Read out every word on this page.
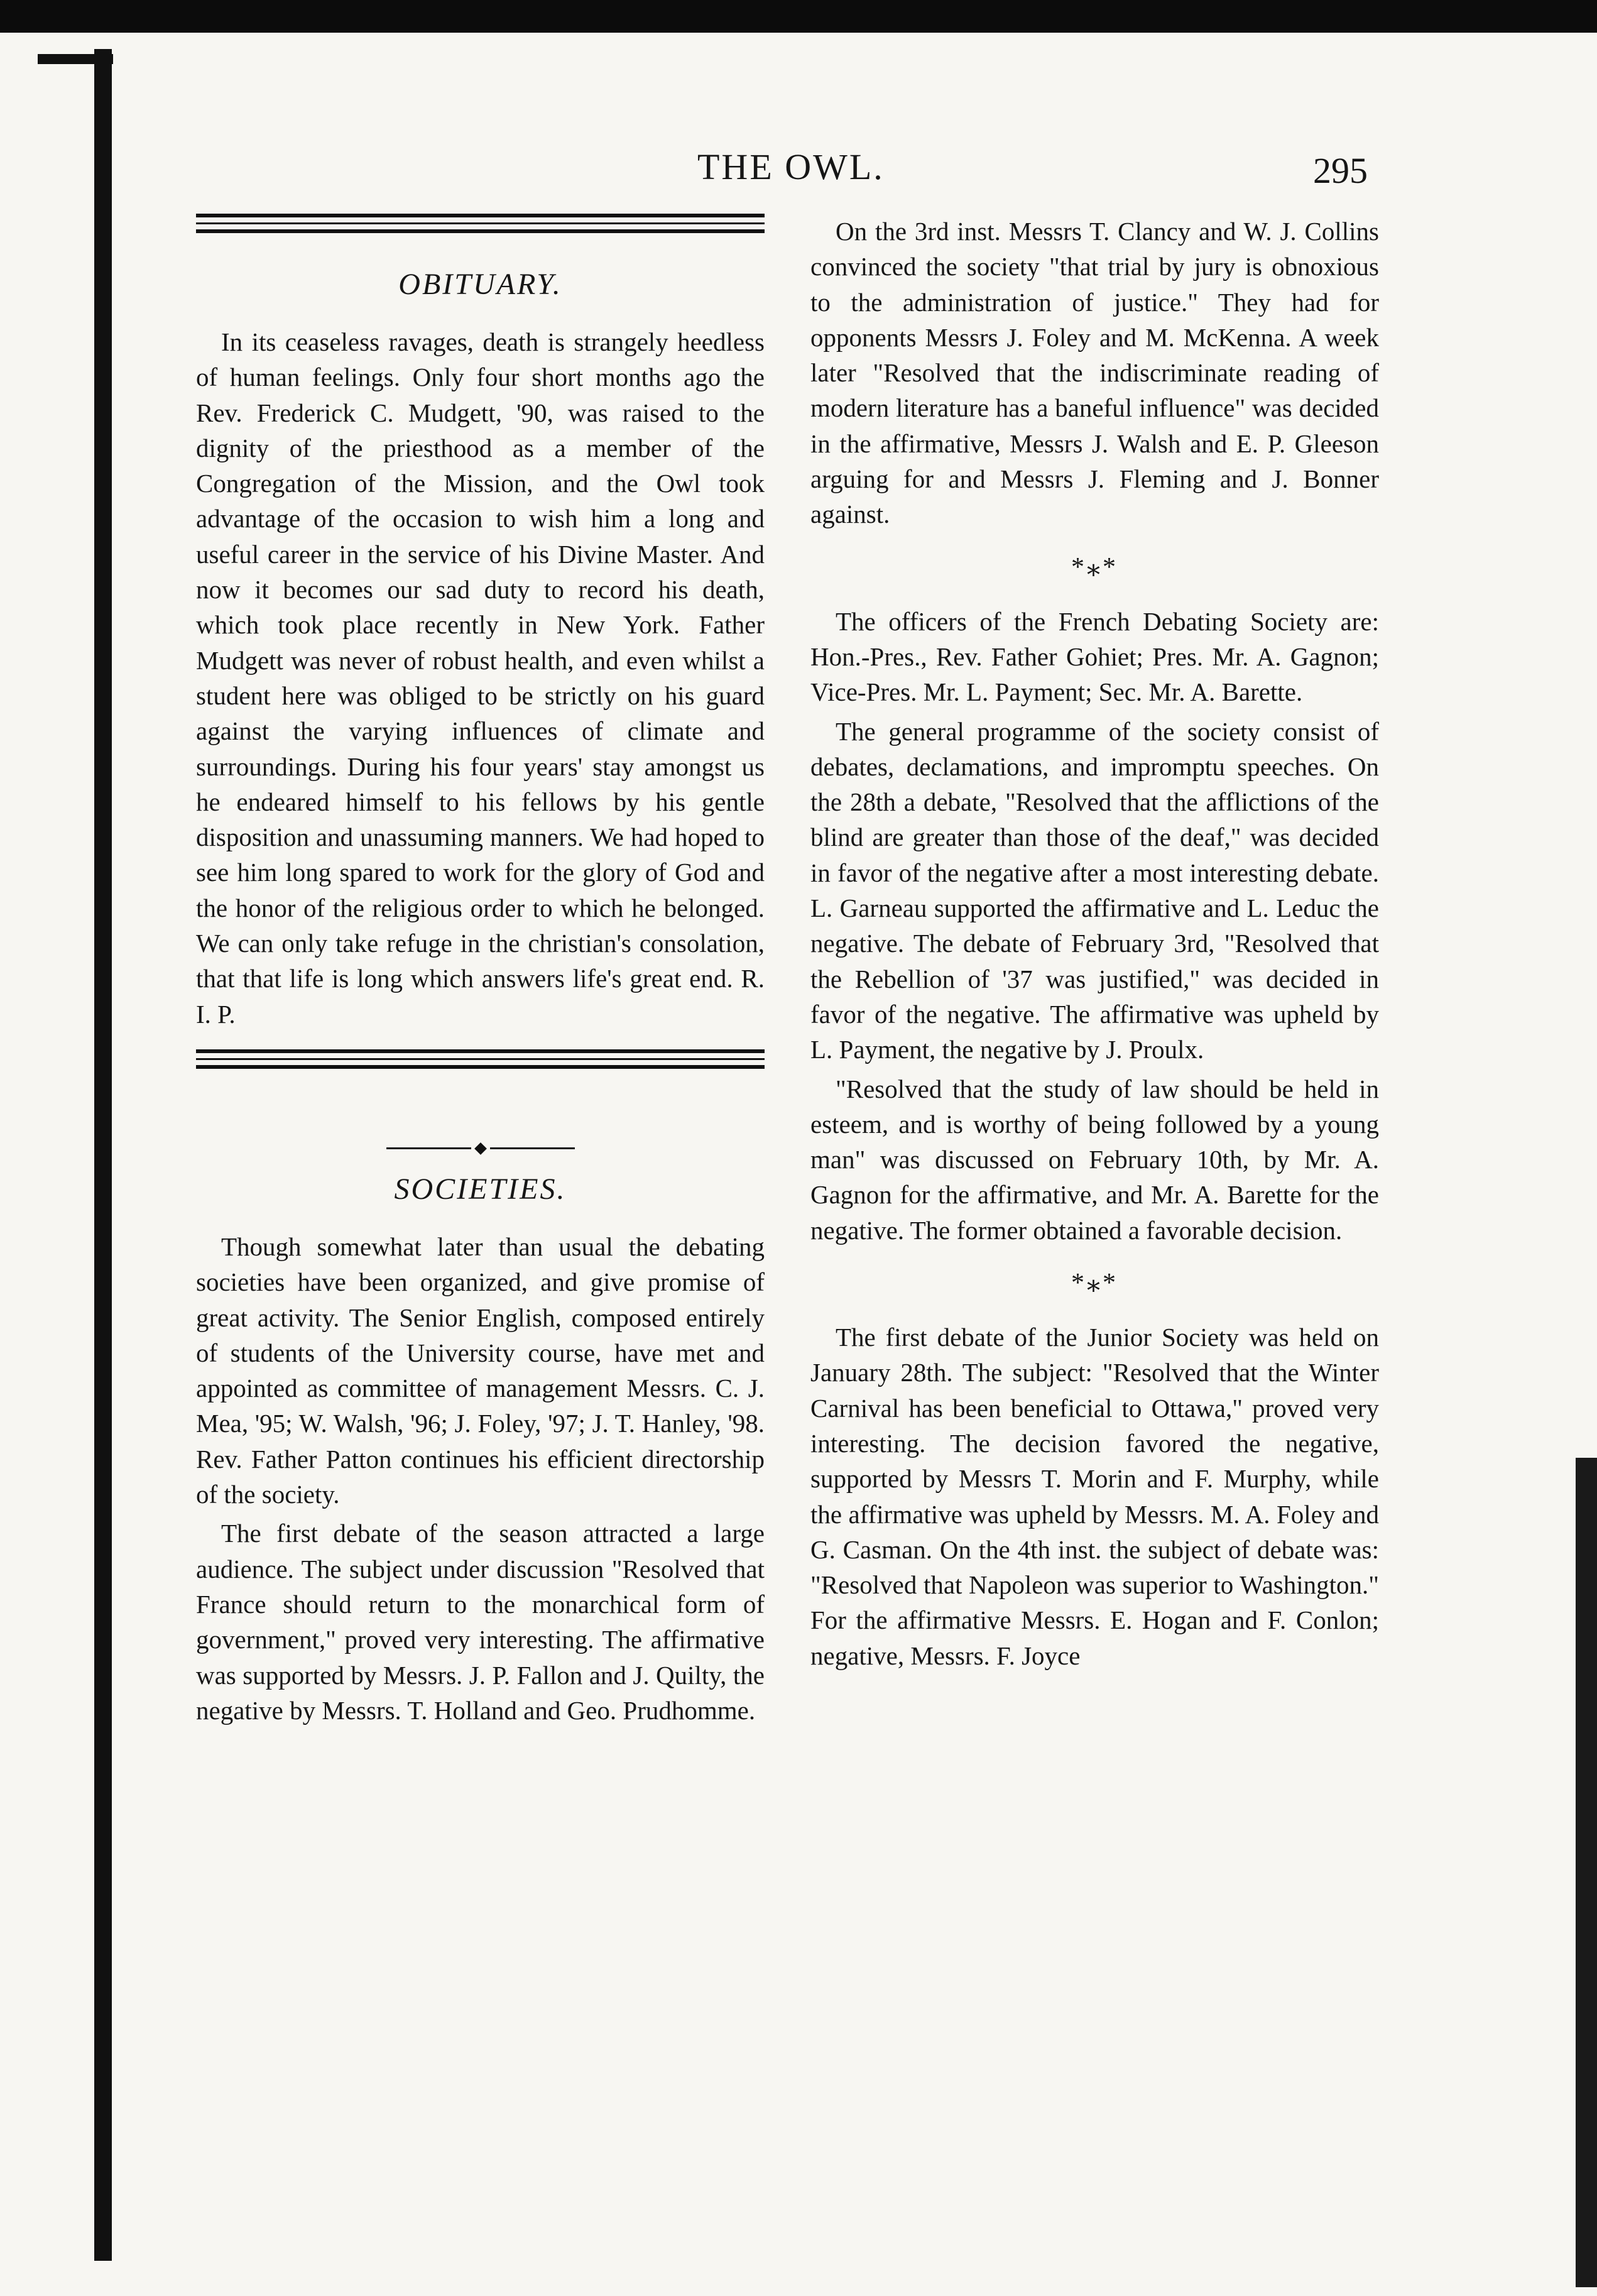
THE OWL.	295
OBITUARY.

In its ceaseless ravages, death is strangely heedless of human feelings. Only four short months ago the Rev. Frederick C. Mudgett, '90, was raised to the dignity of the priesthood as a member of the Congregation of the Mission, and the Owl took advantage of the occasion to wish him a long and useful career in the service of his Divine Master. And now it becomes our sad duty to record his death, which took place recently in New York. Father Mudgett was never of robust health, and even whilst a student here was obliged to be strictly on his guard against the varying influences of climate and surroundings. During his four years' stay amongst us he endeared himself to his fellows by his gentle disposition and unassuming manners. We had hoped to see him long spared to work for the glory of God and the honor of the religious order to which he belonged. We can only take refuge in the christian's consolation, that that life is long which answers life's great end. R. I. P.

SOCIETIES.

Though somewhat later than usual the debating societies have been organized, and give promise of great activity. The Senior English, composed entirely of students of the University course, have met and appointed as committee of management Messrs. C. J. Mea, '95; W. Walsh, '96; J. Foley, '97; J. T. Hanley, '98. Rev. Father Patton continues his efficient directorship of the society.

The first debate of the season attracted a large audience. The subject under discussion "Resolved that France should return to the monarchical form of government," proved very interesting. The affirmative was supported by Messrs. J. P. Fallon and J. Quilty, the negative by Messrs. T. Holland and Geo. Prudhomme.

On the 3rd inst. Messrs T. Clancy and W. J. Collins convinced the society "that trial by jury is obnoxious to the administration of justice." They had for opponents Messrs J. Foley and M. McKenna. A week later "Resolved that the indiscriminate reading of modern literature has a baneful influence" was decided in the affirmative, Messrs J. Walsh and E. P. Gleeson arguing for and Messrs J. Fleming and J. Bonner against.

*⁎*

The officers of the French Debating Society are: Hon.-Pres., Rev. Father Gohiet; Pres. Mr. A. Gagnon; Vice-Pres. Mr. L. Payment; Sec. Mr. A. Barette.

The general programme of the society consist of debates, declamations, and impromptu speeches. On the 28th a debate, "Resolved that the afflictions of the blind are greater than those of the deaf," was decided in favor of the negative after a most interesting debate. L. Garneau supported the affirmative and L. Leduc the negative. The debate of February 3rd, "Resolved that the Rebellion of '37 was justified," was decided in favor of the negative. The affirmative was upheld by L. Payment, the negative by J. Proulx.

"Resolved that the study of law should be held in esteem, and is worthy of being followed by a young man" was discussed on February 10th, by Mr. A. Gagnon for the affirmative, and Mr. A. Barette for the negative. The former obtained a favorable decision.

*⁎*

The first debate of the Junior Society was held on January 28th. The subject: "Resolved that the Winter Carnival has been beneficial to Ottawa," proved very interesting. The decision favored the negative, supported by Messrs T. Morin and F. Murphy, while the affirmative was upheld by Messrs. M. A. Foley and G. Casman. On the 4th inst. the subject of debate was: "Resolved that Napoleon was superior to Washington." For the affirmative Messrs. E. Hogan and F. Conlon; negative, Messrs. F. Joyce
